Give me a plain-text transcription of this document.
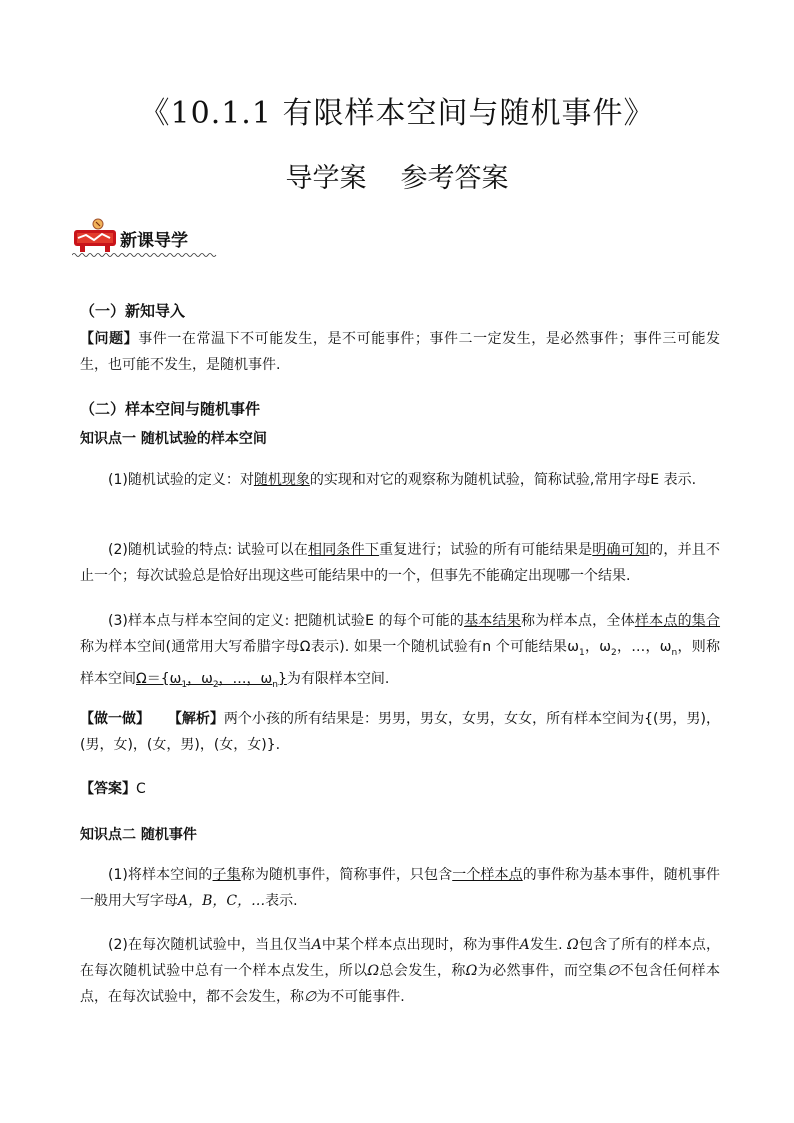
《10.1.1 有限样本空间与随机事件》
导学案 参考答案
新课导学
（一）新知导入

【问题】事件一在常温下不可能发生，是不可能事件；事件二一定发生，是必然事件；事件三可能发生，也可能不发生，是随机事件.

（二）样本空间与随机事件
知识点一 随机试验的样本空间

(1)随机试验的定义：对随机现象的实现和对它的观察称为随机试验，简称试验,常用字母E 表示.

(2)随机试验的特点: 试验可以在相同条件下重复进行；试验的所有可能结果是明确可知的，并且不止一个；每次试验总是恰好出现这些可能结果中的一个，但事先不能确定出现哪一个结果.

(3)样本点与样本空间的定义: 把随机试验E 的每个可能的基本结果称为样本点，全体样本点的集合称为样本空间(通常用大写希腊字母Ω表示). 如果一个随机试验有n 个可能结果$\omega_1$，$\omega_2$，…，$\omega_n$，则称样本空间$\Omega=\{\omega_1$，$\omega_2$，…，$\omega_n$}为有限样本空间.

【做一做】 【解析】两个小孩的所有结果是：男男，男女，女男，女女，所有样本空间为{(男，男)，(男，女)，(女，男)，(女，女)}.

【答案】C

知识点二 随机事件

(1)将样本空间的子集称为随机事件，简称事件，只包含一个样本点的事件称为基本事件，随机事件一般用大写字母A，B，C，…表示.

(2)在每次随机试验中，当且仅当A中某个样本点出现时，称为事件A发生. Ω包含了所有的样本点，在每次随机试验中总有一个样本点发生，所以Ω总会发生，称Ω为必然事件，而空集∅不包含任何样本点，在每次试验中，都不会发生，称∅为不可能事件.
